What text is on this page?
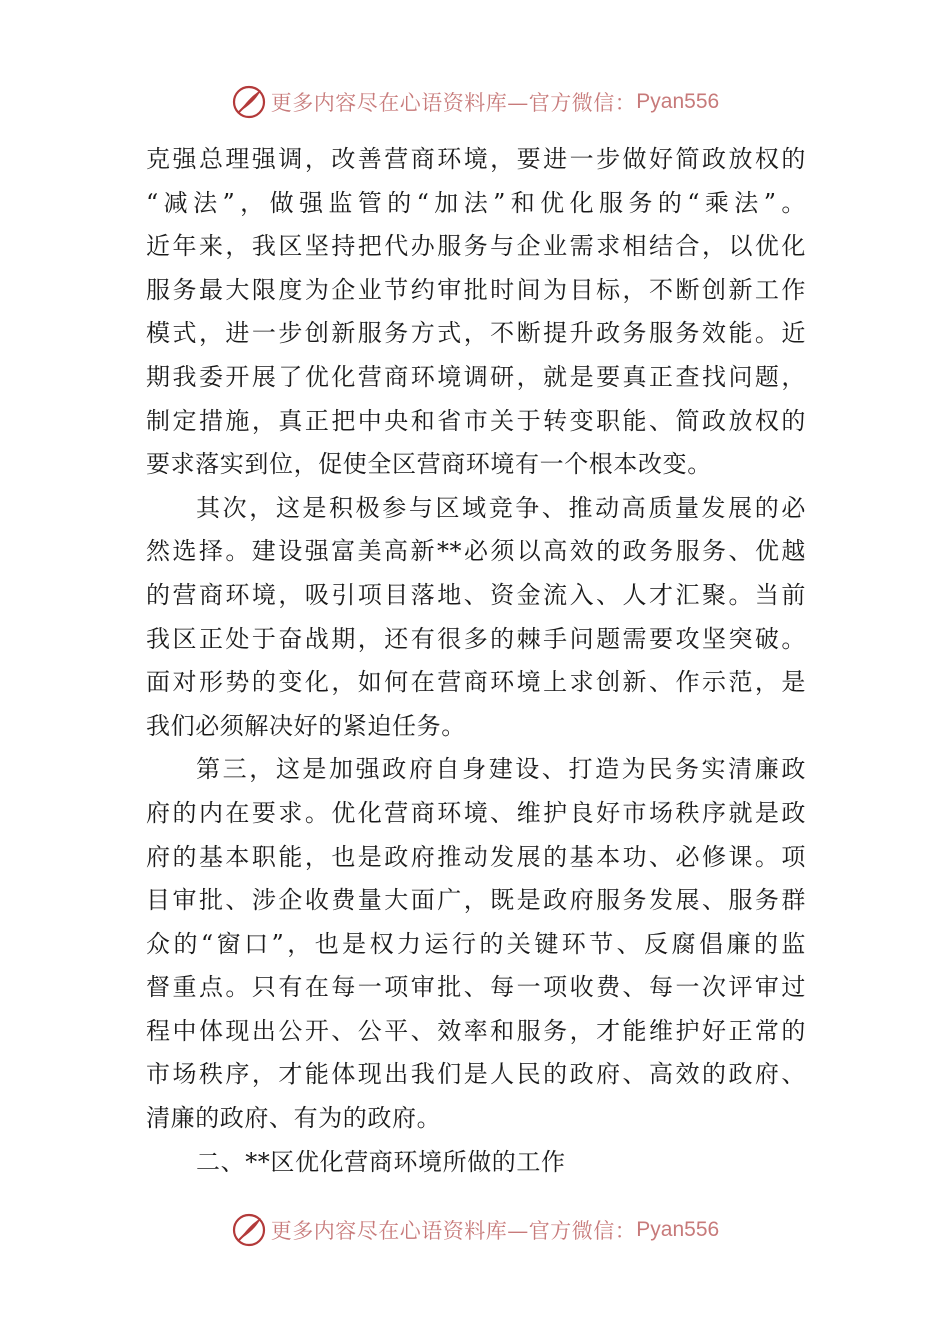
更多内容尽在心语资料库—官方微信： Pyan556
克强总理强调，改善营商环境，要进一步做好简政放权的
“减法”，做强监管的“加法”和优化服务的“乘法”。
近年来，我区坚持把代办服务与企业需求相结合，以优化
服务最大限度为企业节约审批时间为目标，不断创新工作
模式，进一步创新服务方式，不断提升政务服务效能。近
期我委开展了优化营商环境调研，就是要真正查找问题，
制定措施，真正把中央和省市关于转变职能、简政放权的
要求落实到位，促使全区营商环境有一个根本改变。
其次，这是积极参与区域竞争、推动高质量发展的必
然选择。建设强富美高新**必须以高效的政务服务、优越
的营商环境，吸引项目落地、资金流入、人才汇聚。当前
我区正处于奋战期，还有很多的棘手问题需要攻坚突破。
面对形势的变化，如何在营商环境上求创新、作示范，是
我们必须解决好的紧迫任务。
第三，这是加强政府自身建设、打造为民务实清廉政
府的内在要求。优化营商环境、维护良好市场秩序就是政
府的基本职能，也是政府推动发展的基本功、必修课。项
目审批、涉企收费量大面广，既是政府服务发展、服务群
众的“窗口”，也是权力运行的关键环节、反腐倡廉的监
督重点。只有在每一项审批、每一项收费、每一次评审过
程中体现出公开、公平、效率和服务，才能维护好正常的
市场秩序，才能体现出我们是人民的政府、高效的政府、
清廉的政府、有为的政府。
二、**区优化营商环境所做的工作
更多内容尽在心语资料库—官方微信： Pyan556
